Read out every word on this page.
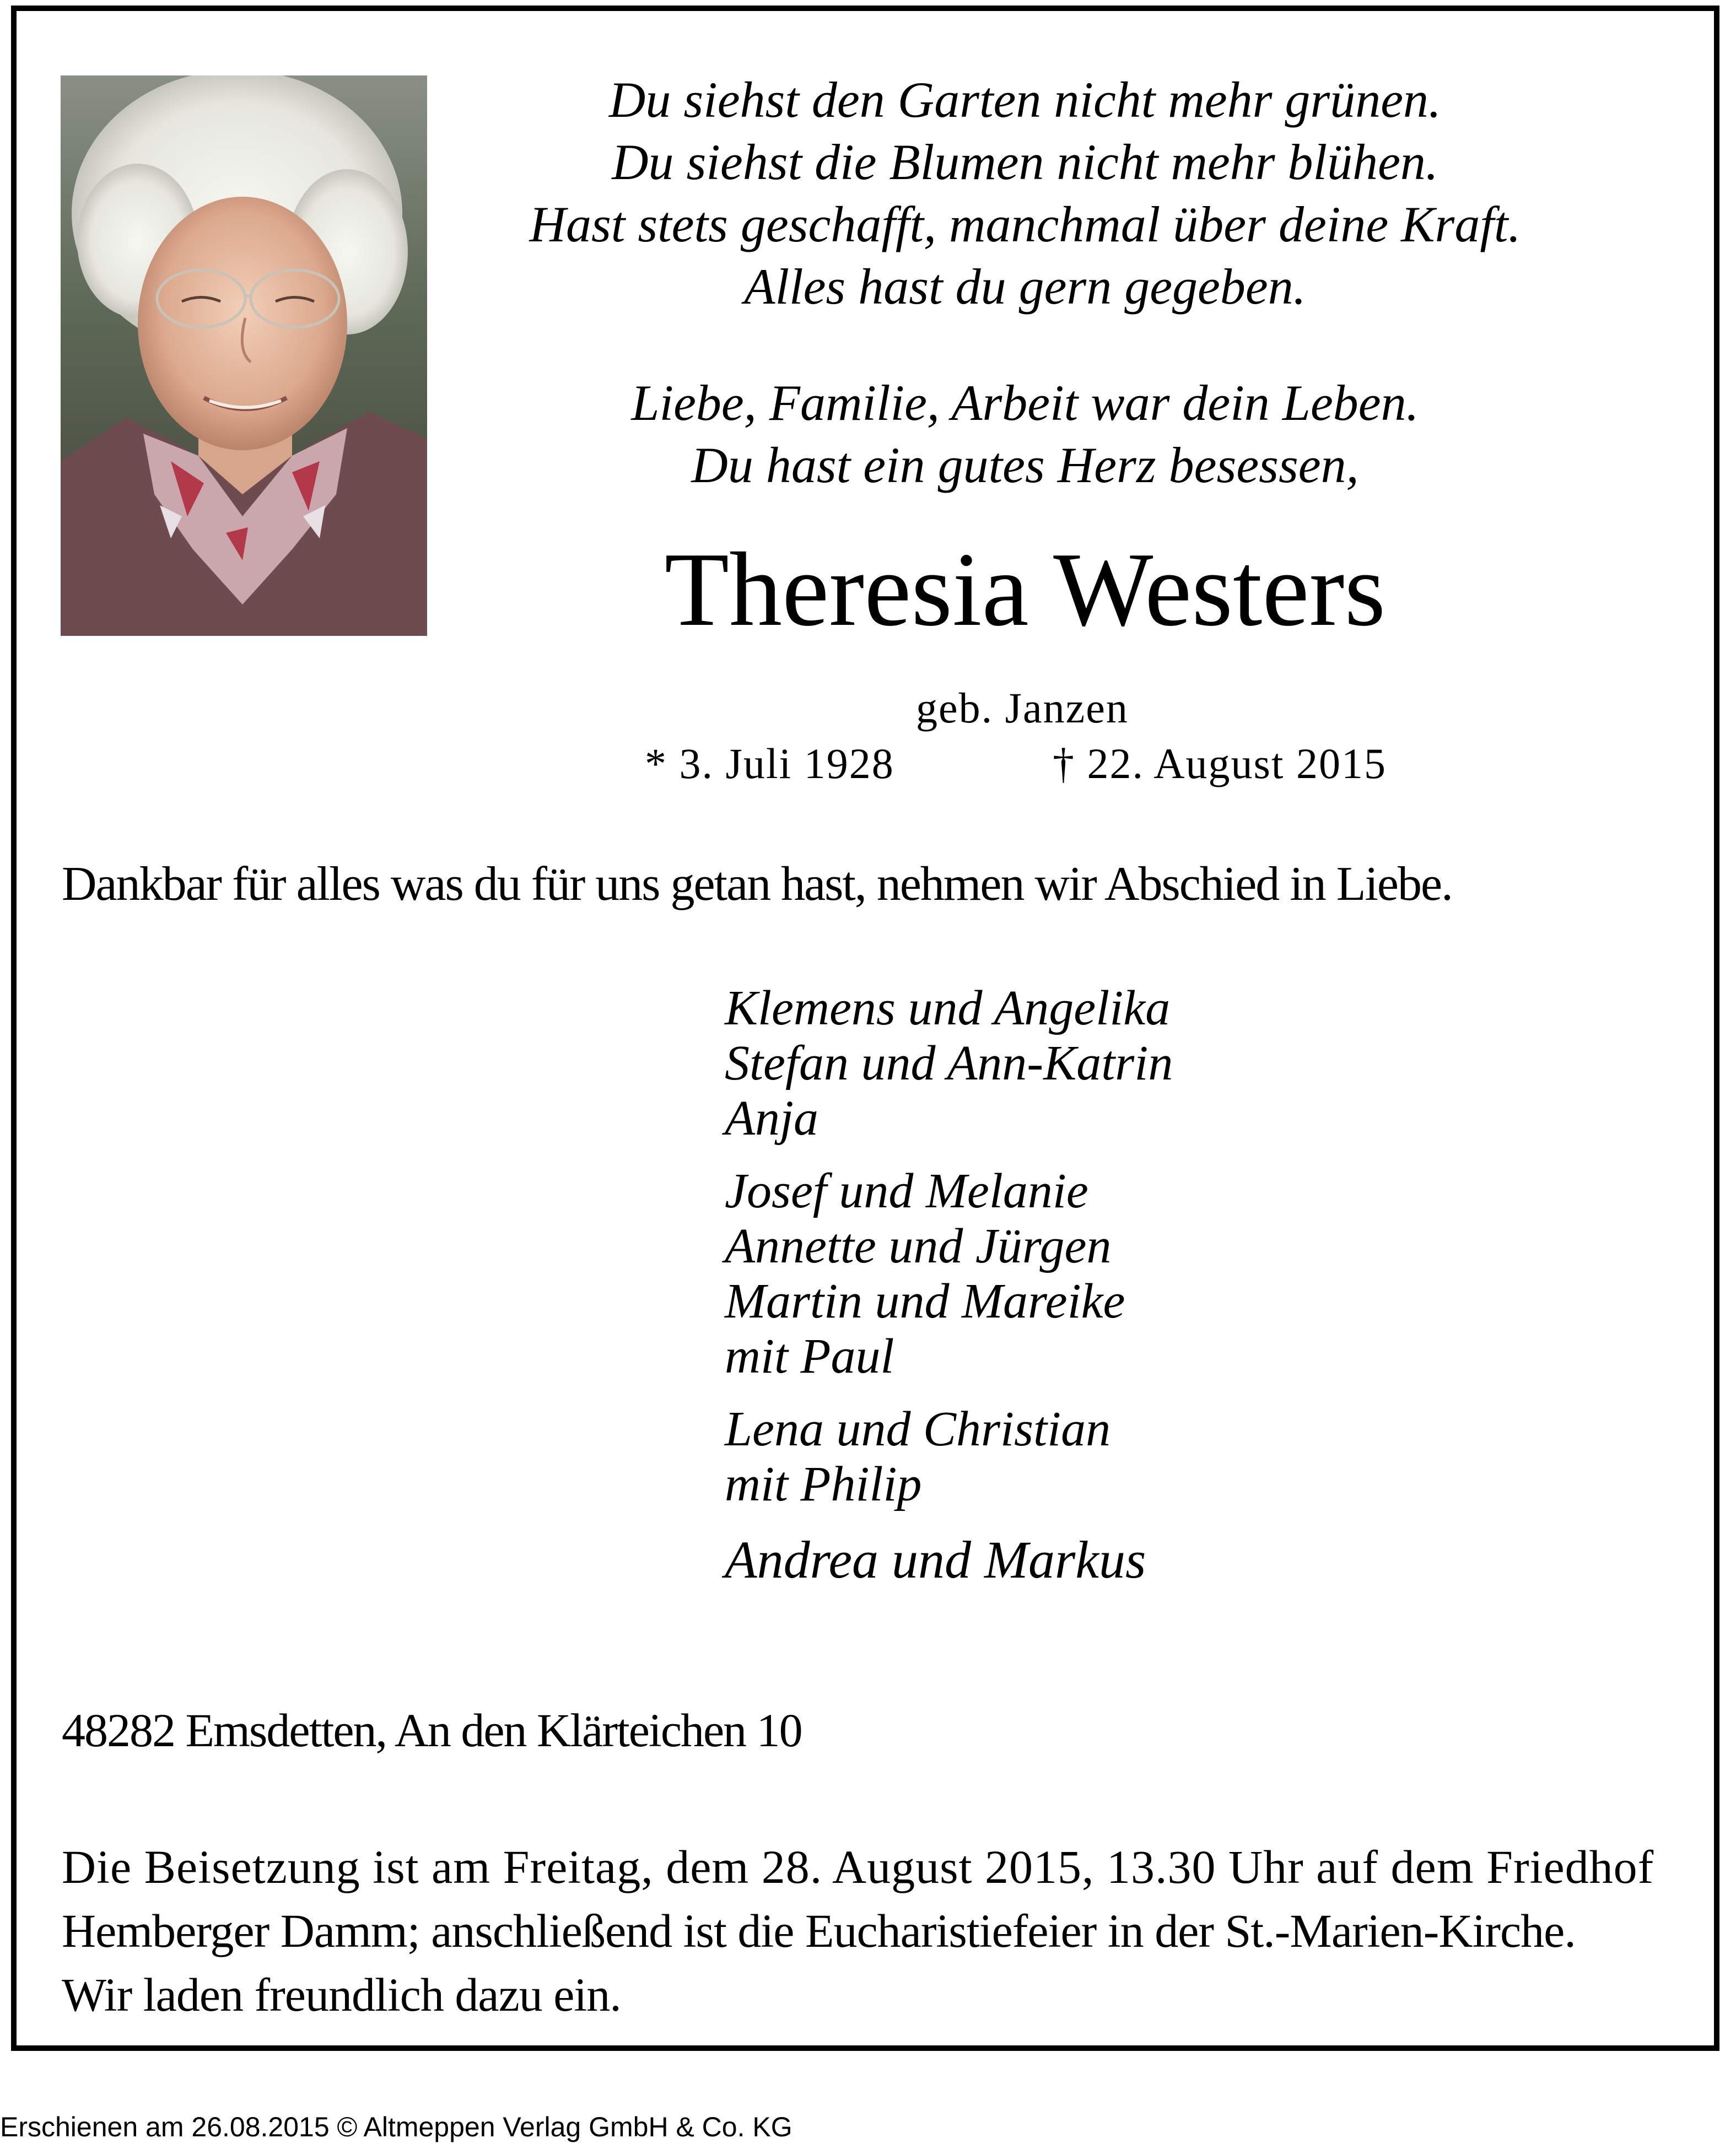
Du siehst den Garten nicht mehr grünen.
Du siehst die Blumen nicht mehr blühen.
Hast stets geschafft, manchmal über deine Kraft.
Alles hast du gern gegeben.
Liebe, Familie, Arbeit war dein Leben.
Du hast ein gutes Herz besessen,
Theresia Westers
geb. Janzen
* 3. Juli 1928	† 22. August 2015
Dankbar für alles was du für uns getan hast, nehmen wir Abschied in Liebe.
Klemens und Angelika
Stefan und Ann-Katrin
Anja
Josef und Melanie
Annette und Jürgen
Martin und Mareike
mit Paul
Lena und Christian
mit Philip
Andrea und Markus
48282 Emsdetten, An den Klärteichen 10
Die Beisetzung ist am Freitag, dem 28. August 2015, 13.30 Uhr auf dem Friedhof
Hemberger Damm; anschließend ist die Eucharistiefeier in der St.-Marien-Kirche.
Wir laden freundlich dazu ein.
Erschienen am 26.08.2015 © Altmeppen Verlag GmbH & Co. KG
